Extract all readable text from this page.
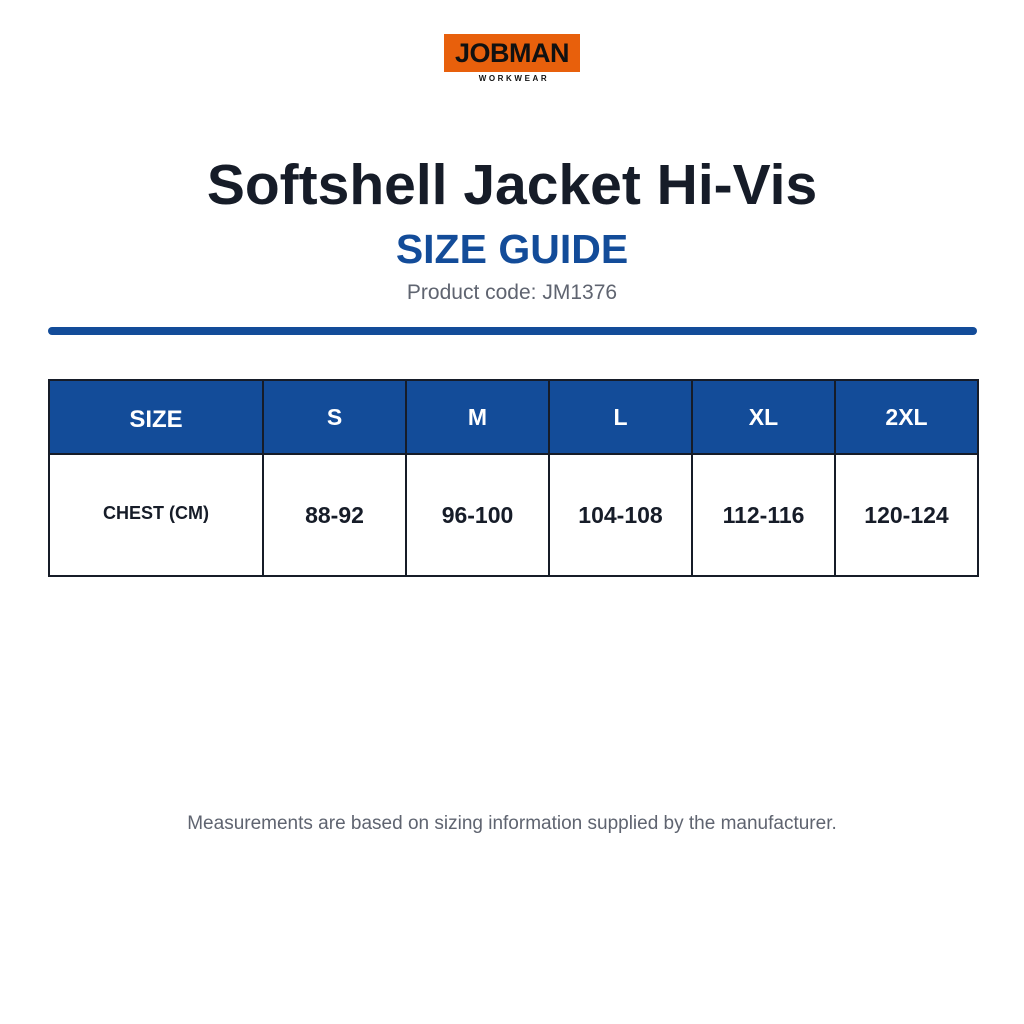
JOBMAN
WORKWEAR
Softshell Jacket Hi-Vis
SIZE GUIDE
Product code: JM1376
SIZE	S	M	L	XL	2XL
CHEST (CM)	88-92	96-100	104-108	112-116	120-124
Measurements are based on sizing information supplied by the manufacturer.
